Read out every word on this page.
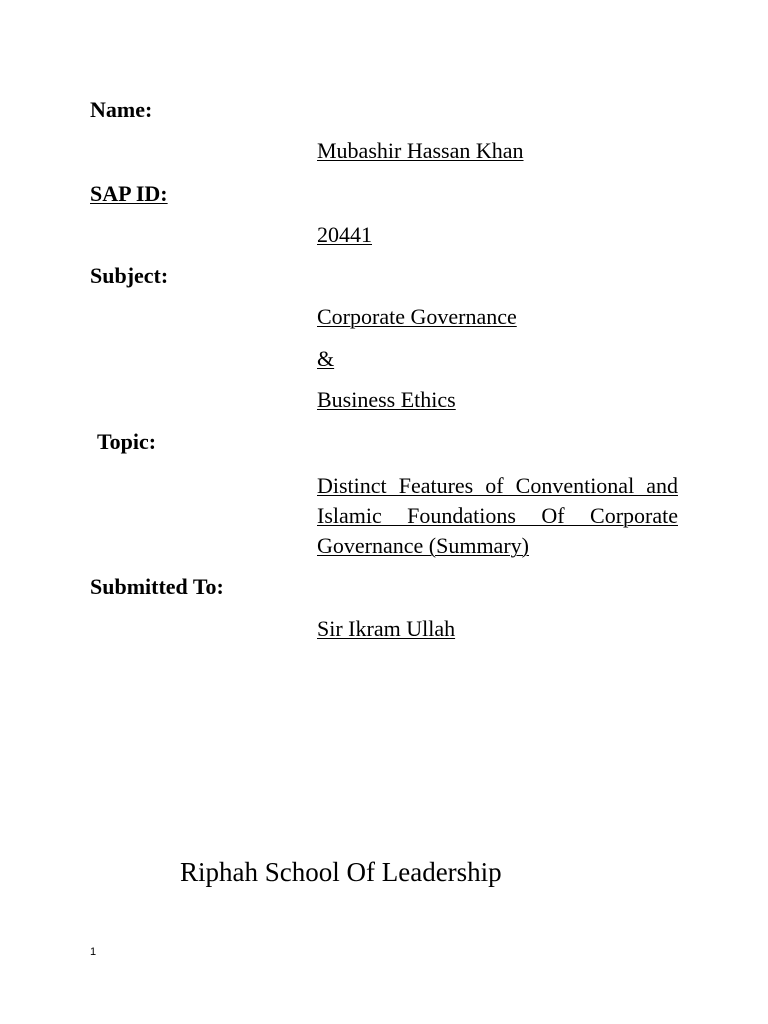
Name:
Mubashir Hassan Khan
SAP ID:
20441
Subject:
Corporate Governance
&
Business Ethics
Topic:
Distinct Features of Conventional and Islamic Foundations Of Corporate Governance (Summary)
Submitted To:
Sir Ikram Ullah
Riphah School Of Leadership
1
